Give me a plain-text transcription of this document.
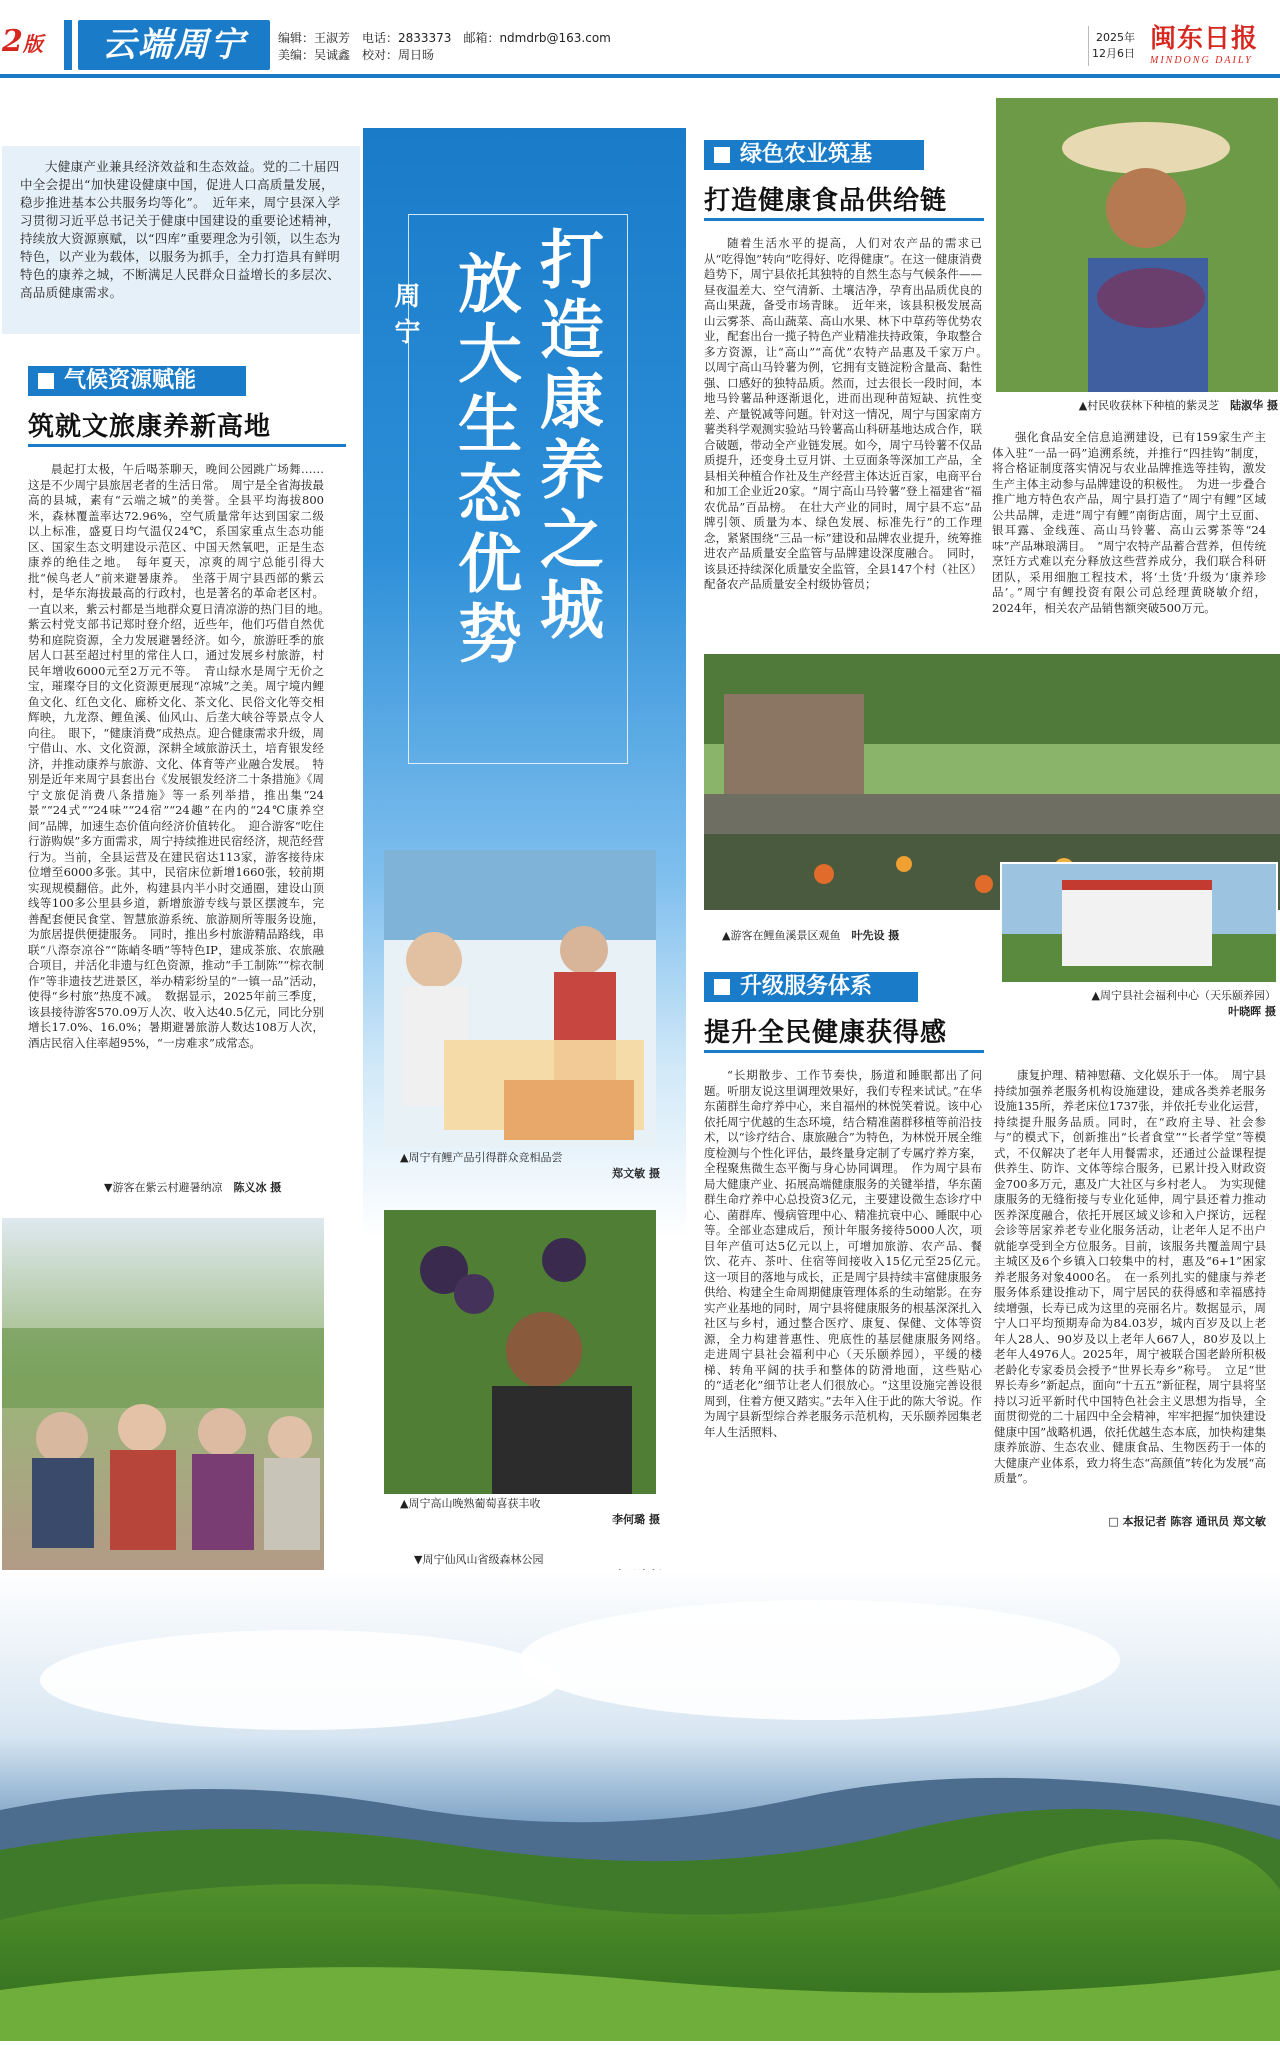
2版	云端周宁	编辑：王淑芳　电话：2833373　邮箱：ndmdrb@163.com
美编：吴诚鑫　校对：周日旸
2025年
12月6日 闽东日报
MINDONG DAILY
大健康产业兼具经济效益和生态效益。党的二十届四中全会提出“加快建设健康中国，促进人口高质量发展，稳步推进基本公共服务均等化”。　近年来，周宁县深入学习贯彻习近平总书记关于健康中国建设的重要论述精神，持续放大资源禀赋，以“四库”重要理念为引领，以生态为特色，以产业为载体，以服务为抓手，全力打造具有鲜明特色的康养之城，不断满足人民群众日益增长的多层次、高品质健康需求。	打造康养之城
放大生态优势
周宁
气候资源赋能
筑就文旅康养新高地
晨起打太极，午后喝茶聊天，晚间公园跳广场舞……这是不少周宁县旅居老者的生活日常。　周宁是全省海拔最高的县城，素有“云端之城”的美誉。全县平均海拔800米，森林覆盖率达72.96%，空气质量常年达到国家二级以上标准，盛夏日均气温仅24℃，系国家重点生态功能区、国家生态文明建设示范区、中国天然氧吧，正是生态康养的绝佳之地。　每年夏天，凉爽的周宁总能引得大批“候鸟老人”前来避暑康养。　坐落于周宁县西部的紫云村，是华东海拔最高的行政村，也是著名的革命老区村。一直以来，紫云村都是当地群众夏日清凉游的热门目的地。　紫云村党支部书记郑时登介绍，近些年，他们巧借自然优势和庭院资源，全力发展避暑经济。如今，旅游旺季的旅居人口甚至超过村里的常住人口，通过发展乡村旅游，村民年增收6000元至2万元不等。　青山绿水是周宁无价之宝，璀璨夺目的文化资源更展现“凉城”之美。周宁境内鲤鱼文化、红色文化、廊桥文化、茶文化、民俗文化等交相辉映，九龙漈、鲤鱼溪、仙风山、后垄大峡谷等景点令人向往。　眼下，“健康消费”成热点。迎合健康需求升级，周宁借山、水、文化资源，深耕全域旅游沃土，培育银发经济，并推动康养与旅游、文化、体育等产业融合发展。　特别是近年来周宁县套出台《发展银发经济二十条措施》《周宁文旅促消费八条措施》等一系列举措，推出集“24景”“24式”“24味”“24宿”“24趣”在内的“24℃康养空间”品牌，加速生态价值向经济价值转化。　迎合游客“吃住行游购娱”多方面需求，周宁持续推进民宿经济，规范经营行为。当前，全县运营及在建民宿达113家，游客接待床位增至6000多张。其中，民宿床位新增1660张，较前期实现规模翻倍。此外，构建县内半小时交通圈，建设山顶线等100多公里县乡道，新增旅游专线与景区摆渡车，完善配套便民食堂、智慧旅游系统、旅游厕所等服务设施，为旅居提供便捷服务。　同时，推出乡村旅游精品路线，串联“八漈奈凉谷”“陈峭冬晒”等特色IP，建成茶旅、农旅融合项目，并活化非遗与红色资源，推动“手工制陈”“棕衣制作”等非遗技艺进景区，举办精彩纷呈的“一镇一品”活动，使得“乡村旅”热度不减。　数据显示，2025年前三季度，该县接待游客570.09万人次、收入达40.5亿元，同比分别增长17.0%、16.0%；暑期避暑旅游人数达108万人次，酒店民宿入住率超95%，“一房难求”成常态。
▼游客在紫云村避暑纳凉　 陈义冰 摄
▲周宁有鲤产品引得群众竞相品尝
郑文敏 摄
▲周宁高山晚熟葡萄喜获丰收
李何璐 摄
▼周宁仙风山省级森林公园
绿色农业筑基
打造健康食品供给链
随着生活水平的提高，人们对农产品的需求已从“吃得饱”转向“吃得好、吃得健康”。在这一健康消费趋势下，周宁县依托其独特的自然生态与气候条件——昼夜温差大、空气清新、土壤洁净，孕育出品质优良的高山果蔬，备受市场青睐。　近年来，该县积极发展高山云雾茶、高山蔬菜、高山水果、林下中草药等优势农业，配套出台一揽子特色产业精准扶持政策，争取整合多方资源，让“高山”“高优”农特产品惠及千家万户。　以周宁高山马铃薯为例，它拥有支链淀粉含量高、黏性强、口感好的独特品质。然而，过去很长一段时间，本地马铃薯品种逐渐退化，进而出现种苗短缺、抗性变差、产量锐减等问题。针对这一情况，周宁与国家南方薯类科学观测实验站马铃薯高山科研基地达成合作，联合破题，带动全产业链发展。如今，周宁马铃薯不仅品质提升，还变身土豆月饼、土豆面条等深加工产品，全县相关种植合作社及生产经营主体达近百家，电商平台和加工企业近20家。“周宁高山马铃薯”登上福建省“福农优品”百品榜。　在壮大产业的同时，周宁县不忘“品牌引领、质量为本、绿色发展、标准先行”的工作理念，紧紧围绕“三品一标”建设和品牌农业提升，统筹推进农产品质量安全监管与品牌建设深度融合。　同时，该县还持续深化质量安全监管，全县147个村（社区）配备农产品质量安全村级协管员；
▲村民收获林下种植的紫灵芝　 陆淑华 摄
强化食品安全信息追溯建设，已有159家生产主体入驻“一品一码”追溯系统，并推行“四挂钩”制度，将合格证制度落实情况与农业品牌推选等挂钩，激发生产主体主动参与品牌建设的积极性。　为进一步叠合推广地方特色农产品，周宁县打造了“周宁有鲤”区域公共品牌，走进“周宁有鲤”南街店面，周宁土豆面、银耳露、金线莲、高山马铃薯、高山云雾茶等“24味”产品琳琅满目。　“周宁农特产品蓄合营养，但传统烹饪方式难以充分释放这些营养成分，我们联合科研团队，采用细胞工程技术，将‘土货’升级为‘康养珍品’。”周宁有鲤投资有限公司总经理黄晓敏介绍，2024年，相关农产品销售额突破500万元。
▲游客在鲤鱼溪景区观鱼　 叶先设 摄
▲周宁县社会福利中心（天乐颐养园）
叶晓晖 摄
升级服务体系
提升全民健康获得感
“长期散步、工作节奏快，肠道和睡眠都出了问题。听朋友说这里调理效果好，我们专程来试试。”在华东菌群生命疗养中心，来自福州的林悦笑着说。该中心依托周宁优越的生态环境，结合精准菌群移植等前沿技术，以“诊疗结合、康旅融合”为特色，为林悦开展全维度检测与个性化评估，最终量身定制了专属疗养方案，全程聚焦微生态平衡与身心协同调理。　作为周宁县布局大健康产业、拓展高端健康服务的关键举措，华东菌群生命疗养中心总投资3亿元，主要建设微生态诊疗中心、菌群库、慢病管理中心、精准抗衰中心、睡眠中心等。全部业态建成后，预计年服务接待5000人次，项目年产值可达5亿元以上，可增加旅游、农产品、餐饮、花卉、茶叶、住宿等间接收入15亿元至25亿元。　这一项目的落地与成长，正是周宁县持续丰富健康服务供给、构建全生命周期健康管理体系的生动缩影。在夯实产业基地的同时，周宁县将健康服务的根基深深扎入社区与乡村，通过整合医疗、康复、保健、文体等资源，全力构建普惠性、兜底性的基层健康服务网络。　走进周宁县社会福利中心（天乐颐养园），平缓的楼梯、转角平阔的扶手和整体的防滑地面，这些贴心的“适老化”细节让老人们很放心。“这里设施完善设很周到，住着方便又踏实。”去年入住于此的陈大爷说。作为周宁县新型综合养老服务示范机构，天乐颐养园集老年人生活照料、
康复护理、精神慰藉、文化娱乐于一体。　周宁县持续加强养老服务机构设施建设，建成各类养老服务设施135所，养老床位1737张，并依托专业化运营，持续提升服务品质。同时，在“政府主导、社会参与”的模式下，创新推出“长者食堂”“长者学堂”等模式，不仅解决了老年人用餐需求，还通过公益课程提供养生、防诈、文体等综合服务，已累计投入财政资金700多万元，惠及广大社区与乡村老人。　为实现健康服务的无缝衔接与专业化延伸，周宁县还着力推动医养深度融合，依托开展区域义诊和入户探访，远程会诊等居家养老专业化服务活动，让老年人足不出户就能享受到全方位服务。目前，该服务共覆盖周宁县主城区及6个乡镇入口较集中的村，惠及“6+1”困家养老服务对象4000名。　在一系列扎实的健康与养老服务体系建设推动下，周宁居民的获得感和幸福感持续增强，长寿已成为这里的亮丽名片。数据显示，周宁人口平均预期寿命为84.03岁，城内百岁及以上老年人28人、90岁及以上老年人667人，80岁及以上老年人4976人。2025年，周宁被联合国老龄所积极老龄化专家委员会授予“世界长寿乡”称号。　立足“世界长寿乡”新起点，面向“十五五”新征程，周宁县将坚持以习近平新时代中国特色社会主义思想为指导，全面贯彻党的二十届四中全会精神，牢牢把握“加快建设健康中国”战略机遇，依托优越生态本底，加快构建集康养旅游、生态农业、健康食品、生物医药于一体的大健康产业体系，致力将生态“高颜值”转化为发展“高质量”。
□ 本报记者 陈容 通讯员 郑文敏
